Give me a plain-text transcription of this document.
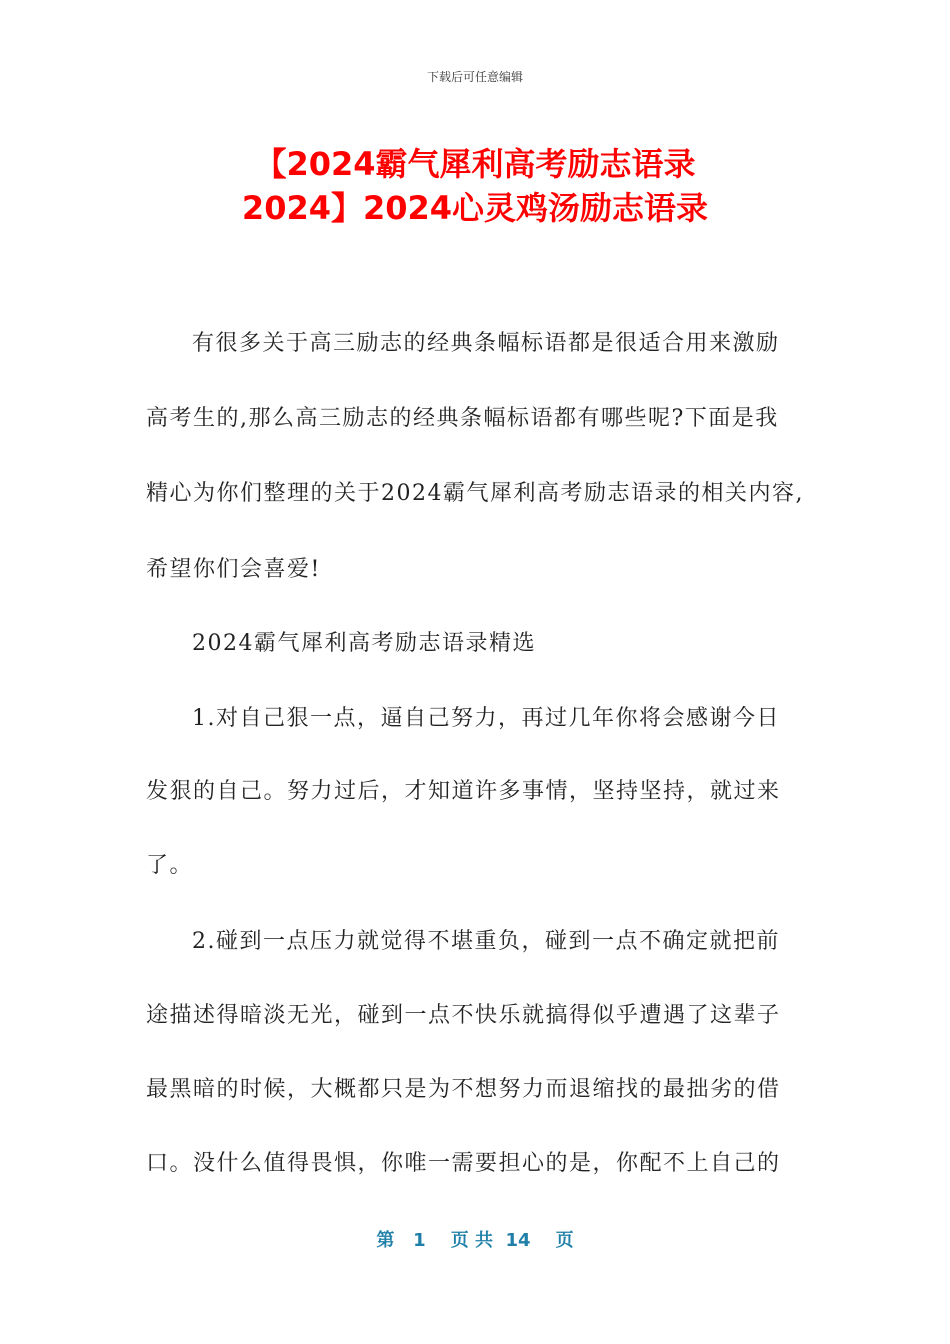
下载后可任意编辑
【2024霸气犀利高考励志语录
2024】2024心灵鸡汤励志语录
有很多关于高三励志的经典条幅标语都是很适合用来激励
高考生的,那么高三励志的经典条幅标语都有哪些呢?下面是我
精心为你们整理的关于2024霸气犀利高考励志语录的相关内容,
希望你们会喜爱!
2024霸气犀利高考励志语录精选
1.对自己狠一点，逼自己努力，再过几年你将会感谢今日
发狠的自己。努力过后，才知道许多事情，坚持坚持，就过来
了。
2.碰到一点压力就觉得不堪重负，碰到一点不确定就把前
途描述得暗淡无光，碰到一点不快乐就搞得似乎遭遇了这辈子
最黑暗的时候，大概都只是为不想努力而退缩找的最拙劣的借
口。没什么值得畏惧，你唯一需要担心的是，你配不上自己的
第   1    页 共  14    页
